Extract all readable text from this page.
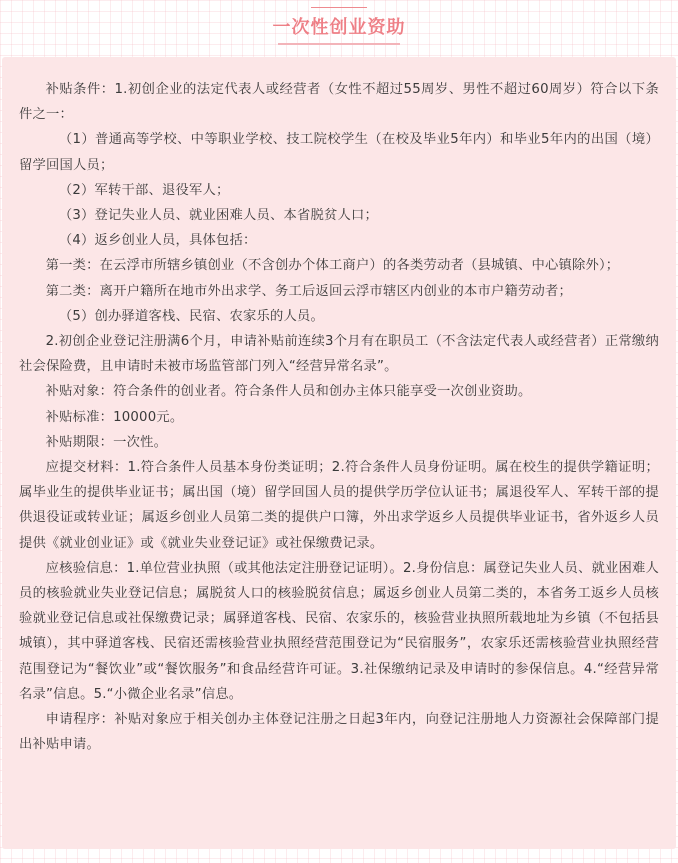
一次性创业资助

补贴条件：1.初创企业的法定代表人或经营者（女性不超过55周岁、男性不超过60周岁）符合以下条件之一：

（1）普通高等学校、中等职业学校、技工院校学生（在校及毕业5年内）和毕业5年内的出国（境）留学回国人员；

（2）军转干部、退役军人；

（3）登记失业人员、就业困难人员、本省脱贫人口；

（4）返乡创业人员，具体包括：

第一类：在云浮市所辖乡镇创业（不含创办个体工商户）的各类劳动者（县城镇、中心镇除外）；

第二类：离开户籍所在地市外出求学、务工后返回云浮市辖区内创业的本市户籍劳动者；

（5）创办驿道客栈、民宿、农家乐的人员。

2.初创企业登记注册满6个月，申请补贴前连续3个月有在职员工（不含法定代表人或经营者）正常缴纳社会保险费，且申请时未被市场监管部门列入“经营异常名录”。

补贴对象：符合条件的创业者。符合条件人员和创办主体只能享受一次创业资助。

补贴标准：10000元。

补贴期限：一次性。

应提交材料：1.符合条件人员基本身份类证明；2.符合条件人员身份证明。属在校生的提供学籍证明；属毕业生的提供毕业证书；属出国（境）留学回国人员的提供学历学位认证书；属退役军人、军转干部的提供退役证或转业证；属返乡创业人员第二类的提供户口簿，外出求学返乡人员提供毕业证书，省外返乡人员提供《就业创业证》或《就业失业登记证》或社保缴费记录。

应核验信息：1.单位营业执照（或其他法定注册登记证明）。2.身份信息：属登记失业人员、就业困难人员的核验就业失业登记信息；属脱贫人口的核验脱贫信息；属返乡创业人员第二类的，本省务工返乡人员核验就业登记信息或社保缴费记录；属驿道客栈、民宿、农家乐的，核验营业执照所载地址为乡镇（不包括县城镇），其中驿道客栈、民宿还需核验营业执照经营范围登记为“民宿服务”，农家乐还需核验营业执照经营范围登记为“餐饮业”或“餐饮服务”和食品经营许可证。3.社保缴纳记录及申请时的参保信息。4.“经营异常名录”信息。5.“小微企业名录”信息。

申请程序：补贴对象应于相关创办主体登记注册之日起3年内，向登记注册地人力资源社会保障部门提出补贴申请。
